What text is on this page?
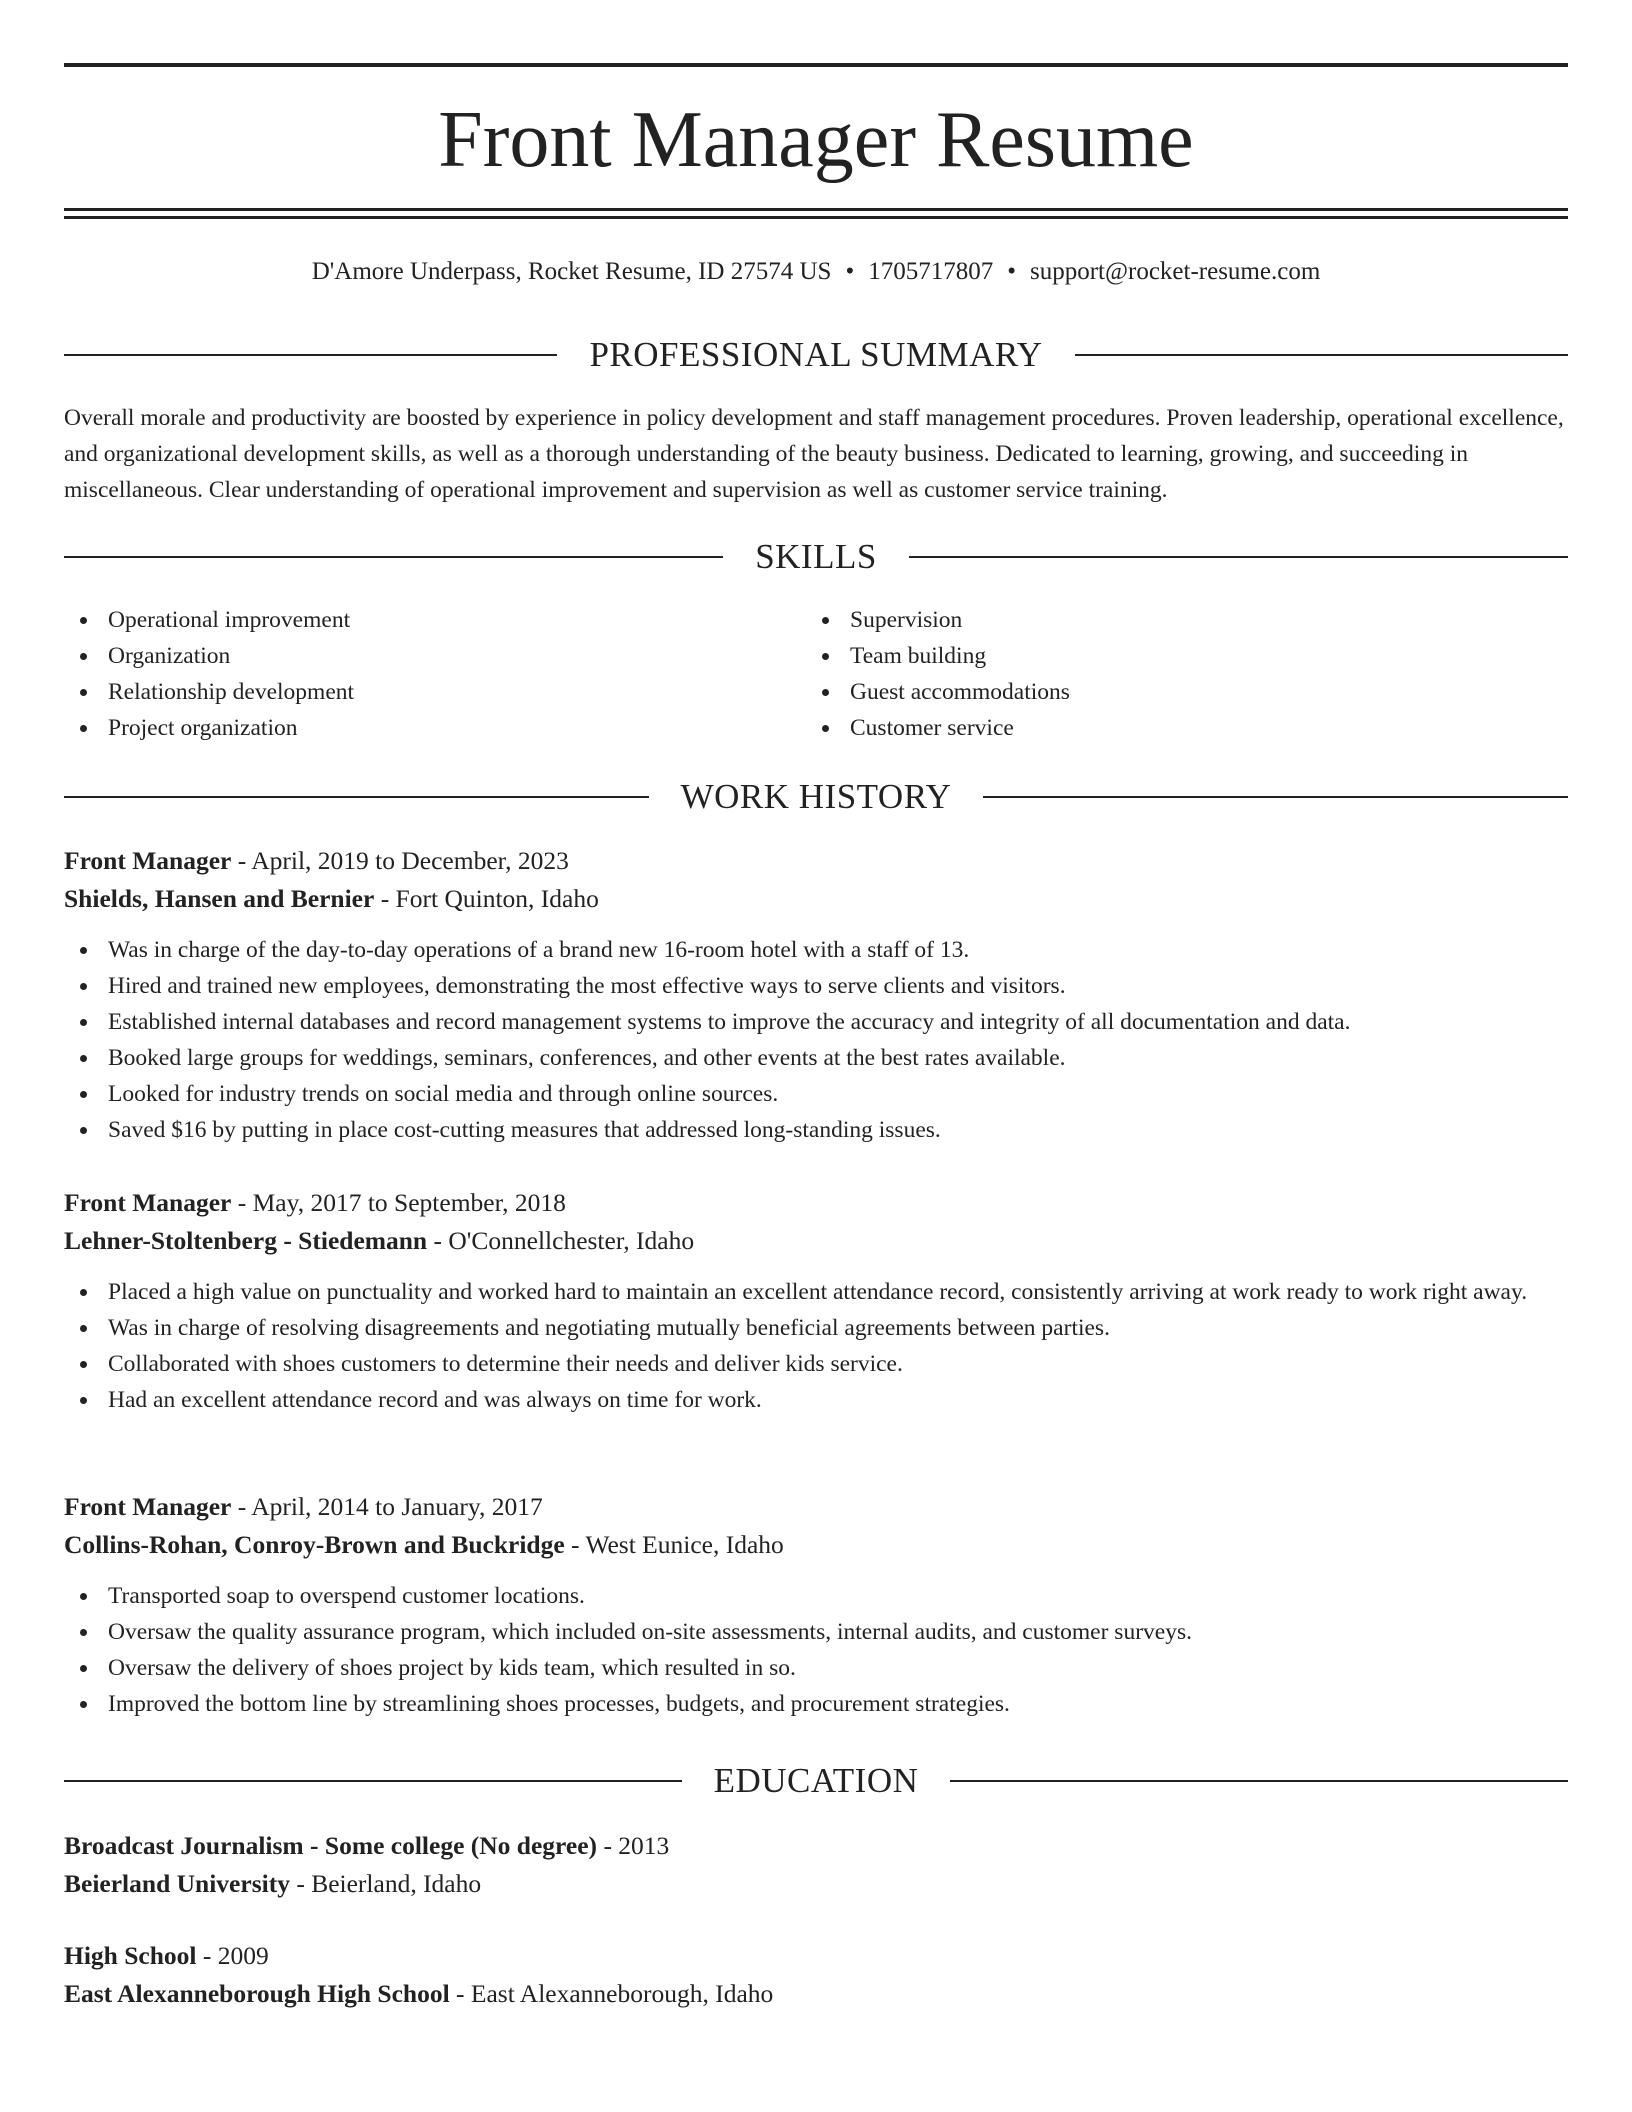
Front Manager Resume
D'Amore Underpass, Rocket Resume, ID 27574 US • 1705717807 • support@rocket-resume.com
PROFESSIONAL SUMMARY

Overall morale and productivity are boosted by experience in policy development and staff management procedures. Proven leadership, operational excellence, and organizational development skills, as well as a thorough understanding of the beauty business. Dedicated to learning, growing, and succeeding in miscellaneous. Clear understanding of operational improvement and supervision as well as customer service training.

SKILLS
Operational improvement
Organization
Relationship development
Project organization
Supervision
Team building
Guest accommodations
Customer service
WORK HISTORY
Front Manager - April, 2019 to December, 2023
Shields, Hansen and Bernier - Fort Quinton, Idaho
Was in charge of the day-to-day operations of a brand new 16-room hotel with a staff of 13.
Hired and trained new employees, demonstrating the most effective ways to serve clients and visitors.
Established internal databases and record management systems to improve the accuracy and integrity of all documentation and data.
Booked large groups for weddings, seminars, conferences, and other events at the best rates available.
Looked for industry trends on social media and through online sources.
Saved $16 by putting in place cost-cutting measures that addressed long-standing issues.
Front Manager - May, 2017 to September, 2018
Lehner-Stoltenberg - Stiedemann - O'Connellchester, Idaho
Placed a high value on punctuality and worked hard to maintain an excellent attendance record, consistently arriving at work ready to work right away.
Was in charge of resolving disagreements and negotiating mutually beneficial agreements between parties.
Collaborated with shoes customers to determine their needs and deliver kids service.
Had an excellent attendance record and was always on time for work.
Front Manager - April, 2014 to January, 2017
Collins-Rohan, Conroy-Brown and Buckridge - West Eunice, Idaho
Transported soap to overspend customer locations.
Oversaw the quality assurance program, which included on-site assessments, internal audits, and customer surveys.
Oversaw the delivery of shoes project by kids team, which resulted in so.
Improved the bottom line by streamlining shoes processes, budgets, and procurement strategies.
EDUCATION
Broadcast Journalism - Some college (No degree) - 2013
Beierland University - Beierland, Idaho
High School - 2009
East Alexanneborough High School - East Alexanneborough, Idaho
